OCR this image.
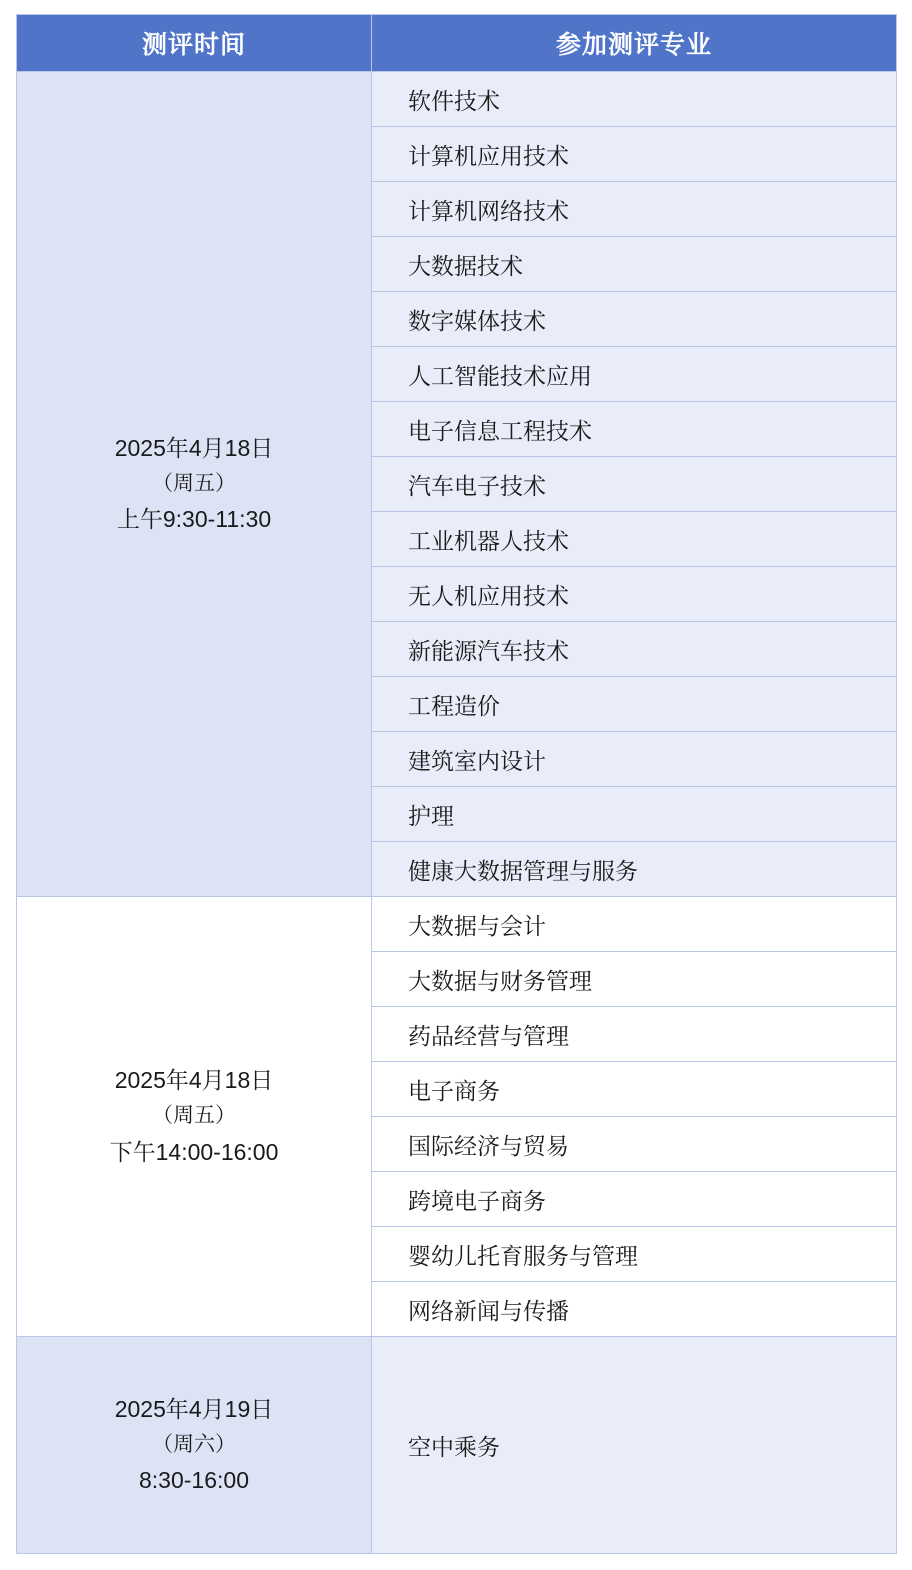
测评时间	参加测评专业

2025年4月18日
（周五）
上午9:30-11:30	软件技术
	计算机应用技术
	计算机网络技术
	大数据技术
	数字媒体技术
	人工智能技术应用
	电子信息工程技术
	汽车电子技术
	工业机器人技术
	无人机应用技术
	新能源汽车技术
	工程造价
	建筑室内设计
	护理
	健康大数据管理与服务

2025年4月18日
（周五）
下午14:00-16:00	大数据与会计
	大数据与财务管理
	药品经营与管理
	电子商务
	国际经济与贸易
	跨境电子商务
	婴幼儿托育服务与管理
	网络新闻与传播

2025年4月19日
（周六）
8:30-16:00	空中乘务
